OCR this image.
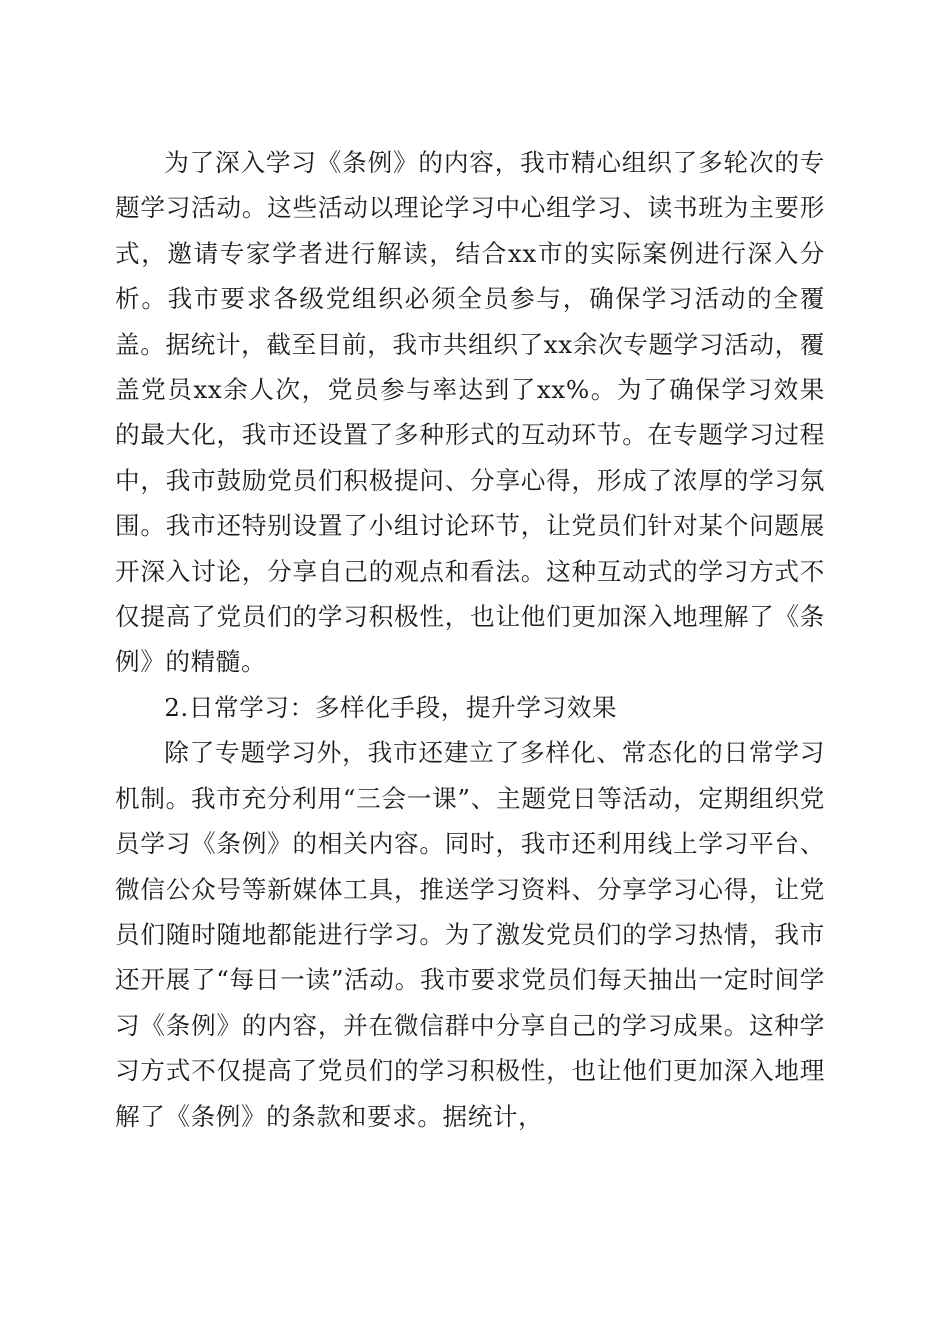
为了深入学习《条例》的内容，我市精心组织了多轮次的专题学习活动。这些活动以理论学习中心组学习、读书班为主要形式，邀请专家学者进行解读，结合xx市的实际案例进行深入分析。我市要求各级党组织必须全员参与，确保学习活动的全覆盖。据统计，截至目前，我市共组织了xx余次专题学习活动，覆盖党员xx余人次，党员参与率达到了xx%。为了确保学习效果的最大化，我市还设置了多种形式的互动环节。在专题学习过程中，我市鼓励党员们积极提问、分享心得，形成了浓厚的学习氛围。我市还特别设置了小组讨论环节，让党员们针对某个问题展开深入讨论，分享自己的观点和看法。这种互动式的学习方式不仅提高了党员们的学习积极性，也让他们更加深入地理解了《条例》的精髓。

2.日常学习：多样化手段，提升学习效果

除了专题学习外，我市还建立了多样化、常态化的日常学习机制。我市充分利用“三会一课”、主题党日等活动，定期组织党员学习《条例》的相关内容。同时，我市还利用线上学习平台、微信公众号等新媒体工具，推送学习资料、分享学习心得，让党员们随时随地都能进行学习。为了激发党员们的学习热情，我市还开展了“每日一读”活动。我市要求党员们每天抽出一定时间学习《条例》的内容，并在微信群中分享自己的学习成果。这种学习方式不仅提高了党员们的学习积极性，也让他们更加深入地理解了《条例》的条款和要求。据统计，
